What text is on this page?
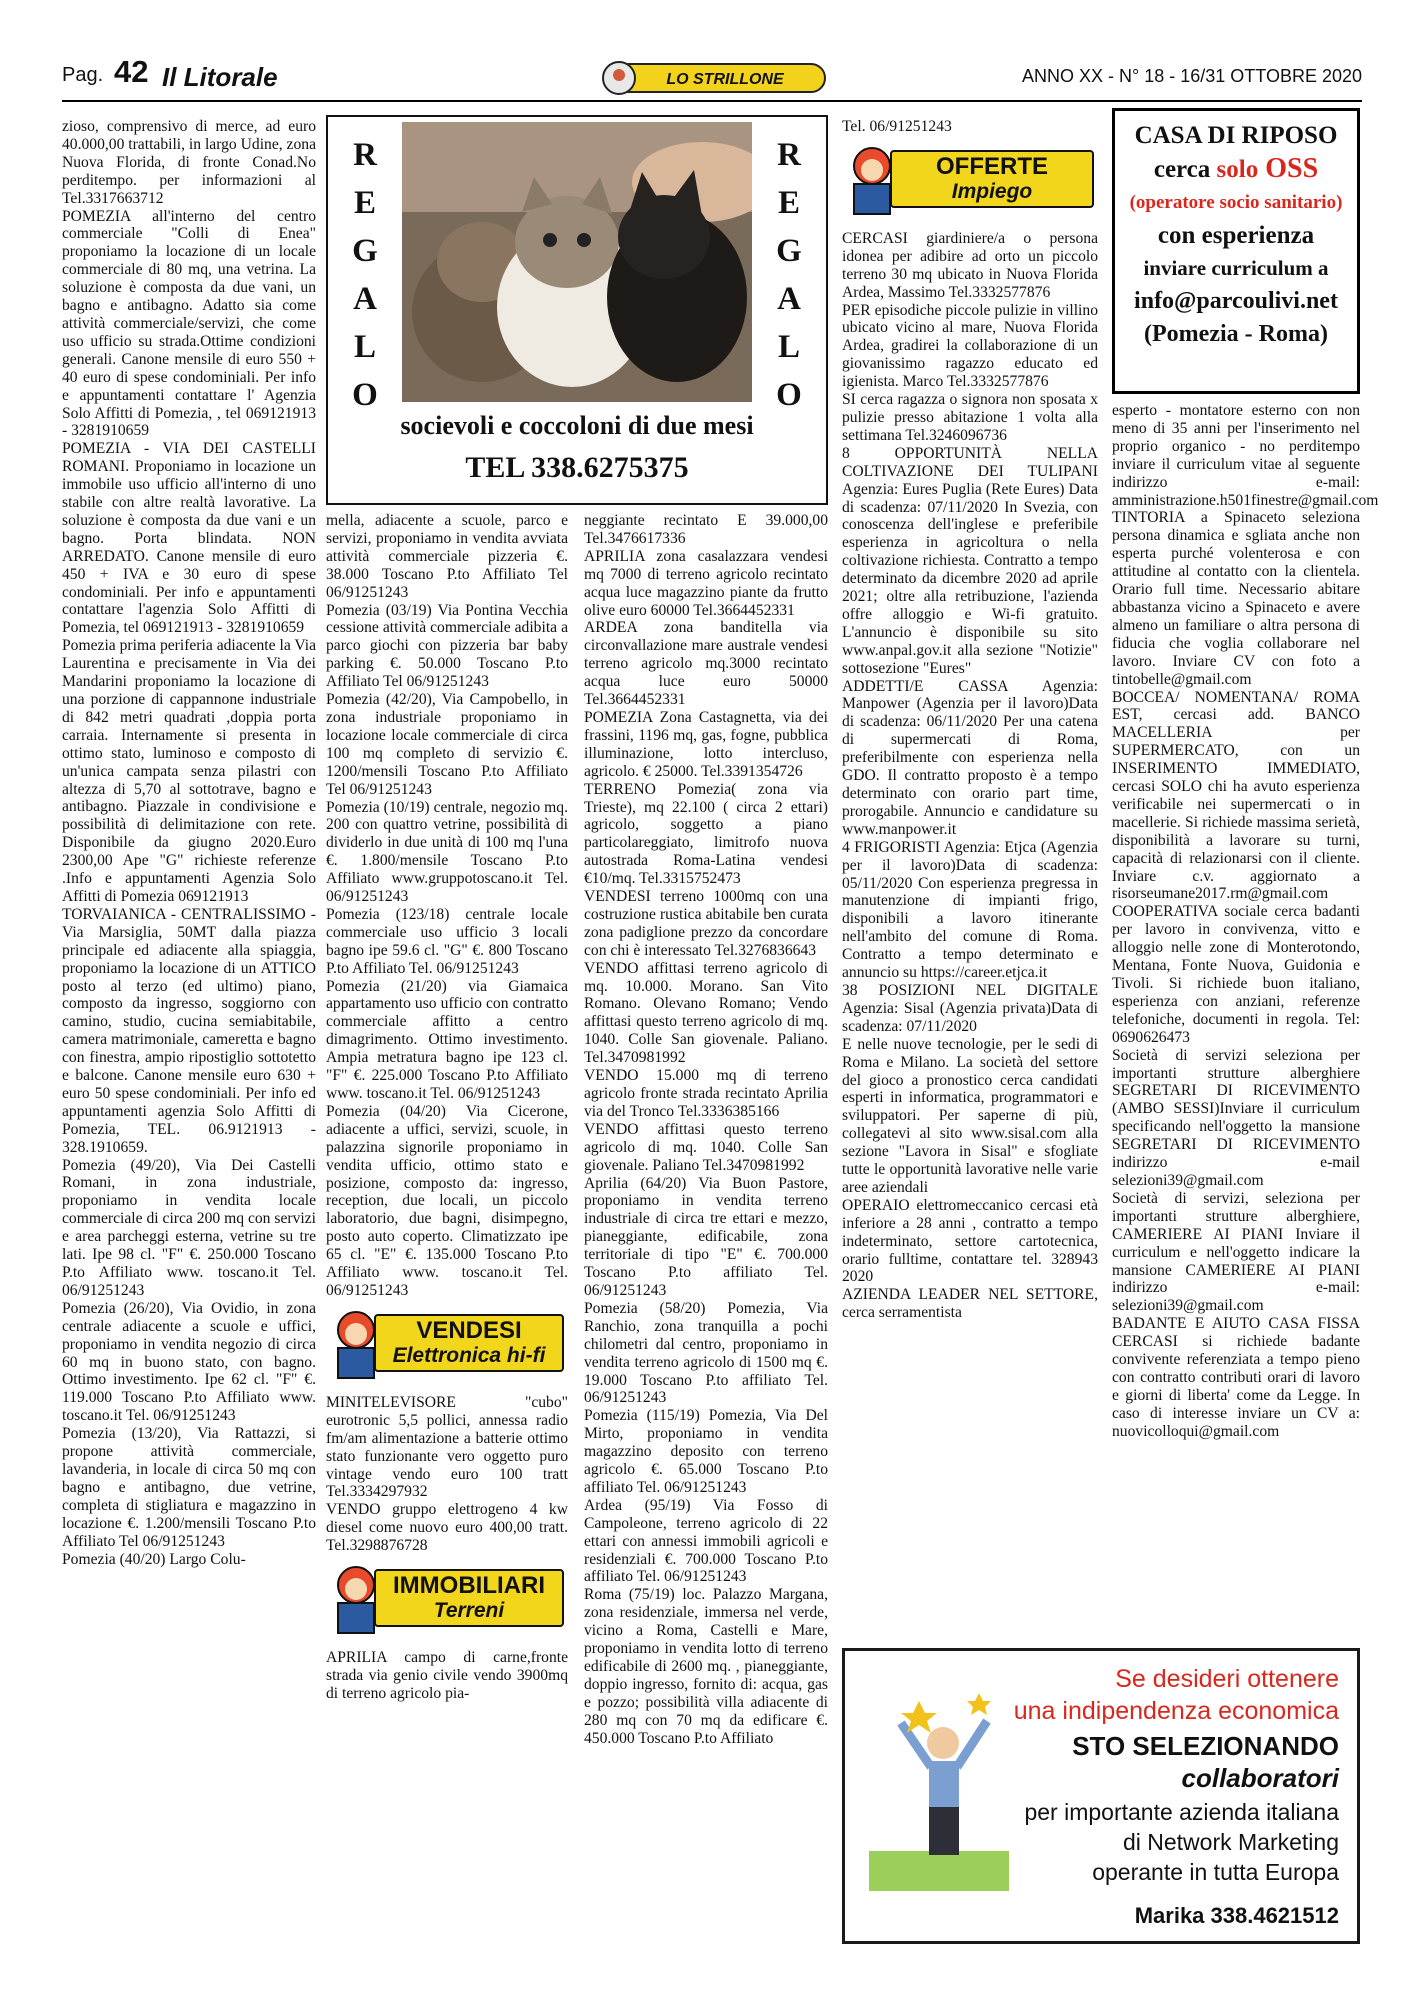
Pag. 42 Il Litorale	LO STRILLONE	ANNO XX - N° 18 - 16/31 OTTOBRE 2020

zioso, comprensivo di merce, ad euro 40.000,00 trattabili, in largo Udine, zona Nuova Florida, di fronte Conad.No perditempo. per informazioni al Tel.3317663712

POMEZIA all'interno del centro commerciale "Colli di Enea" proponiamo la locazione di un locale commerciale di 80 mq, una vetrina. La soluzione è composta da due vani, un bagno e antibagno. Adatto sia come attività commerciale/servizi, che come uso ufficio su strada.Ottime condizioni generali. Canone mensile di euro 550 + 40 euro di spese condominiali. Per info e appuntamenti contattare l' Agenzia Solo Affitti di Pomezia, , tel 069121913 - 3281910659

POMEZIA - VIA DEI CASTELLI ROMANI. Proponiamo in locazione un immobile uso ufficio all'interno di uno stabile con altre realtà lavorative. La soluzione è composta da due vani e un bagno. Porta blindata. NON ARREDATO. Canone mensile di euro 450 + IVA e 30 euro di spese condominiali. Per info e appuntamenti contattare l'agenzia Solo Affitti di Pomezia, tel 069121913 - 3281910659

Pomezia prima periferia adiacente la Via Laurentina e precisamente in Via dei Mandarini proponiamo la locazione di una porzione di cappannone industriale di 842 metri quadrati ,doppia porta carraia. Internamente si presenta in ottimo stato, luminoso e composto di un'unica campata senza pilastri con altezza di 5,70 al sottotrave, bagno e antibagno. Piazzale in condivisione e possibilità di delimitazione con rete. Disponibile da giugno 2020.Euro 2300,00 Ape "G" richieste referenze .Info e appuntamenti Agenzia Solo Affitti di Pomezia 069121913

TORVAIANICA - CENTRALISSIMO - Via Marsiglia, 50MT dalla piazza principale ed adiacente alla spiaggia, proponiamo la locazione di un ATTICO posto al terzo (ed ultimo) piano, composto da ingresso, soggiorno con camino, studio, cucina semiabitabile, camera matrimoniale, cameretta e bagno con finestra, ampio ripostiglio sottotetto e balcone. Canone mensile euro 630 + euro 50 spese condominiali. Per info ed appuntamenti agenzia Solo Affitti di Pomezia, TEL. 06.9121913 - 328.1910659.

Pomezia (49/20), Via Dei Castelli Romani, in zona industriale, proponiamo in vendita locale commerciale di circa 200 mq con servizi e area parcheggi esterna, vetrine su tre lati. Ipe 98 cl. "F" €. 250.000 Toscano P.to Affiliato www. toscano.it Tel. 06/91251243

Pomezia (26/20), Via Ovidio, in zona centrale adiacente a scuole e uffici, proponiamo in vendita negozio di circa 60 mq in buono stato, con bagno. Ottimo investimento. Ipe 62 cl. "F" €. 119.000 Toscano P.to Affiliato www. toscano.it Tel. 06/91251243

Pomezia (13/20), Via Rattazzi, si propone attività commerciale, lavanderia, in locale di circa 50 mq con bagno e antibagno, due vetrine, completa di stigliatura e magazzino in locazione €. 1.200/mensili Toscano P.to Affiliato Tel 06/91251243

Pomezia (40/20) Largo Colu-

R
E
G
A
L
O
R
E
G
A
L
O
socievoli e coccoloni di due mesi
TEL 338.6275375

mella, adiacente a scuole, parco e servizi, proponiamo in vendita avviata attività commerciale pizzeria €. 38.000 Toscano P.to Affiliato Tel 06/91251243

Pomezia (03/19) Via Pontina Vecchia cessione attività commerciale adibita a parco giochi con pizzeria bar baby parking €. 50.000 Toscano P.to Affiliato Tel 06/91251243

Pomezia (42/20), Via Campobello, in zona industriale proponiamo in locazione locale commerciale di circa 100 mq completo di servizio €. 1200/mensili Toscano P.to Affiliato Tel 06/91251243

Pomezia (10/19) centrale, negozio mq. 200 con quattro vetrine, possibilità di dividerlo in due unità di 100 mq l'una €. 1.800/mensile Toscano P.to Affiliato www.gruppotoscano.it Tel. 06/91251243

Pomezia (123/18) centrale locale commerciale uso ufficio 3 locali bagno ipe 59.6 cl. "G" €. 800 Toscano P.to Affiliato Tel. 06/91251243

Pomezia (21/20) via Giamaica appartamento uso ufficio con contratto commerciale affitto a centro dimagrimento. Ottimo investimento. Ampia metratura bagno ipe 123 cl. "F" €. 225.000 Toscano P.to Affiliato www. toscano.it Tel. 06/91251243

Pomezia (04/20) Via Cicerone, adiacente a uffici, servizi, scuole, in palazzina signorile proponiamo in vendita ufficio, ottimo stato e posizione, composto da: ingresso, reception, due locali, un piccolo laboratorio, due bagni, disimpegno, posto auto coperto. Climatizzato ipe 65 cl. "E" €. 135.000 Toscano P.to Affiliato www. toscano.it Tel. 06/91251243

VENDESI
Elettronica hi-fi

MINITELEVISORE "cubo" eurotronic 5,5 pollici, annessa radio fm/am alimentazione a batterie ottimo stato funzionante vero oggetto puro vintage vendo euro 100 tratt Tel.3334297932

VENDO gruppo elettrogeno 4 kw diesel come nuovo euro 400,00 tratt. Tel.3298876728

IMMOBILIARI
Terreni

APRILIA campo di carne,fronte strada via genio civile vendo 3900mq di terreno agricolo pia-

neggiante recintato E 39.000,00 Tel.3476617336

APRILIA zona casalazzara vendesi mq 7000 di terreno agricolo recintato acqua luce magazzino piante da frutto olive euro 60000 Tel.3664452331

ARDEA zona banditella via circonvallazione mare australe vendesi terreno agricolo mq.3000 recintato acqua luce euro 50000 Tel.3664452331

POMEZIA Zona Castagnetta, via dei frassini, 1196 mq, gas, fogne, pubblica illuminazione, lotto intercluso, agricolo. € 25000. Tel.3391354726

TERRENO Pomezia( zona via Trieste), mq 22.100 ( circa 2 ettari) agricolo, soggetto a piano particolareggiato, limitrofo nuova autostrada Roma-Latina vendesi €10/mq. Tel.3315752473

VENDESI terreno 1000mq con una costruzione rustica abitabile ben curata zona padiglione prezzo da concordare con chi è interessato Tel.3276836643

VENDO affittasi terreno agricolo di mq. 10.000. Morano. San Vito Romano. Olevano Romano; Vendo affittasi questo terreno agricolo di mq. 1040. Colle San giovenale. Paliano. Tel.3470981992

VENDO 15.000 mq di terreno agricolo fronte strada recintato Aprilia via del Tronco Tel.3336385166

VENDO affittasi questo terreno agricolo di mq. 1040. Colle San giovenale. Paliano Tel.3470981992

Aprilia (64/20) Via Buon Pastore, proponiamo in vendita terreno industriale di circa tre ettari e mezzo, pianeggiante, edificabile, zona territoriale di tipo "E" €. 700.000 Toscano P.to affiliato Tel. 06/91251243

Pomezia (58/20) Pomezia, Via Ranchio, zona tranquilla a pochi chilometri dal centro, proponiamo in vendita terreno agricolo di 1500 mq €. 19.000 Toscano P.to affiliato Tel. 06/91251243

Pomezia (115/19) Pomezia, Via Del Mirto, proponiamo in vendita magazzino deposito con terreno agricolo €. 65.000 Toscano P.to affiliato Tel. 06/91251243

Ardea (95/19) Via Fosso di Campoleone, terreno agricolo di 22 ettari con annessi immobili agricoli e residenziali €. 700.000 Toscano P.to affiliato Tel. 06/91251243

Roma (75/19) loc. Palazzo Margana, zona residenziale, immersa nel verde, vicino a Roma, Castelli e Mare, proponiamo in vendita lotto di terreno edificabile di 2600 mq. , pianeggiante, doppio ingresso, fornito di: acqua, gas e pozzo; possibilità villa adiacente di 280 mq con 70 mq da edificare €. 450.000 Toscano P.to Affiliato

Tel. 06/91251243

OFFERTE
Impiego

CERCASI giardiniere/a o persona idonea per adibire ad orto un piccolo terreno 30 mq ubicato in Nuova Florida Ardea, Massimo Tel.3332577876

PER episodiche piccole pulizie in villino ubicato vicino al mare, Nuova Florida Ardea, gradirei la collaborazione di un giovanissimo ragazzo educato ed igienista. Marco Tel.3332577876

SI cerca ragazza o signora non sposata x pulizie presso abitazione 1 volta alla settimana Tel.3246096736

8 OPPORTUNITÀ NELLA COLTIVAZIONE DEI TULIPANI Agenzia: Eures Puglia (Rete Eures) Data di scadenza: 07/11/2020 In Svezia, con conoscenza dell'inglese e preferibile esperienza in agricoltura o nella coltivazione richiesta. Contratto a tempo determinato da dicembre 2020 ad aprile 2021; oltre alla retribuzione, l'azienda offre alloggio e Wi-fi gratuito. L'annuncio è disponibile su sito www.anpal.gov.it alla sezione "Notizie" sottosezione "Eures"

ADDETTI/E CASSA Agenzia: Manpower (Agenzia per il lavoro)Data di scadenza: 06/11/2020 Per una catena di supermercati di Roma, preferibilmente con esperienza nella GDO. Il contratto proposto è a tempo determinato con orario part time, prorogabile. Annuncio e candidature su www.manpower.it

4 FRIGORISTI Agenzia: Etjca (Agenzia per il lavoro)Data di scadenza: 05/11/2020 Con esperienza pregressa in manutenzione di impianti frigo, disponibili a lavoro itinerante nell'ambito del comune di Roma. Contratto a tempo determinato e annuncio su https://career.etjca.it

38 POSIZIONI NEL DIGITALE Agenzia: Sisal (Agenzia privata)Data di scadenza: 07/11/2020

E nelle nuove tecnologie, per le sedi di Roma e Milano. La società del settore del gioco a pronostico cerca candidati esperti in informatica, programmatori e sviluppatori. Per saperne di più, collegatevi al sito www.sisal.com alla sezione "Lavora in Sisal" e sfogliate tutte le opportunità lavorative nelle varie aree aziendali

OPERAIO elettromeccanico cercasi età inferiore a 28 anni , contratto a tempo indeterminato, settore cartotecnica, orario fulltime, contattare tel. 328943 2020

AZIENDA LEADER NEL SETTORE, cerca serramentista

CASA DI RIPOSO
cerca solo OSS
(operatore socio sanitario)
con esperienza
inviare curriculum a
info@parcoulivi.net
(Pomezia - Roma)

esperto - montatore esterno con non meno di 35 anni per l'inserimento nel proprio organico - no perditempo inviare il curriculum vitae al seguente indirizzo e-mail: amministrazione.h501finestre@gmail.com

TINTORIA a Spinaceto seleziona persona dinamica e sgliata anche non esperta purché volenterosa e con attitudine al contatto con la clientela. Orario full time. Necessario abitare abbastanza vicino a Spinaceto e avere almeno un familiare o altra persona di fiducia che voglia collaborare nel lavoro. Inviare CV con foto a tintobelle@gmail.com

BOCCEA/ NOMENTANA/ ROMA EST, cercasi add. BANCO MACELLERIA per SUPERMERCATO, con un INSERIMENTO IMMEDIATO, cercasi SOLO chi ha avuto esperienza verificabile nei supermercati o in macellerie. Si richiede massima serietà, disponibilità a lavorare su turni, capacità di relazionarsi con il cliente. Inviare c.v. aggiornato a risorseumane2017.rm@gmail.com

COOPERATIVA sociale cerca badanti per lavoro in convivenza, vitto e alloggio nelle zone di Monterotondo, Mentana, Fonte Nuova, Guidonia e Tivoli. Si richiede buon italiano, esperienza con anziani, referenze telefoniche, documenti in regola. Tel: 0690626473

Società di servizi seleziona per importanti strutture alberghiere SEGRETARI DI RICEVIMENTO (AMBO SESSI)Inviare il curriculum specificando nell'oggetto la mansione SEGRETARI DI RICEVIMENTO indirizzo e-mail selezioni39@gmail.com

Società di servizi, seleziona per importanti strutture alberghiere, CAMERIERE AI PIANI Inviare il curriculum e nell'oggetto indicare la mansione CAMERIERE AI PIANI indirizzo e-mail: selezioni39@gmail.com

BADANTE E AIUTO CASA FISSA CERCASI si richiede badante convivente referenziata a tempo pieno con contratto contributi orari di lavoro e giorni di liberta' come da Legge. In caso di interesse inviare un CV a: nuovicolloqui@gmail.com

Se desideri ottenere
una indipendenza economica
STO SELEZIONANDO
collaboratori
per importante azienda italiana
di Network Marketing
operante in tutta Europa
Marika 338.4621512
